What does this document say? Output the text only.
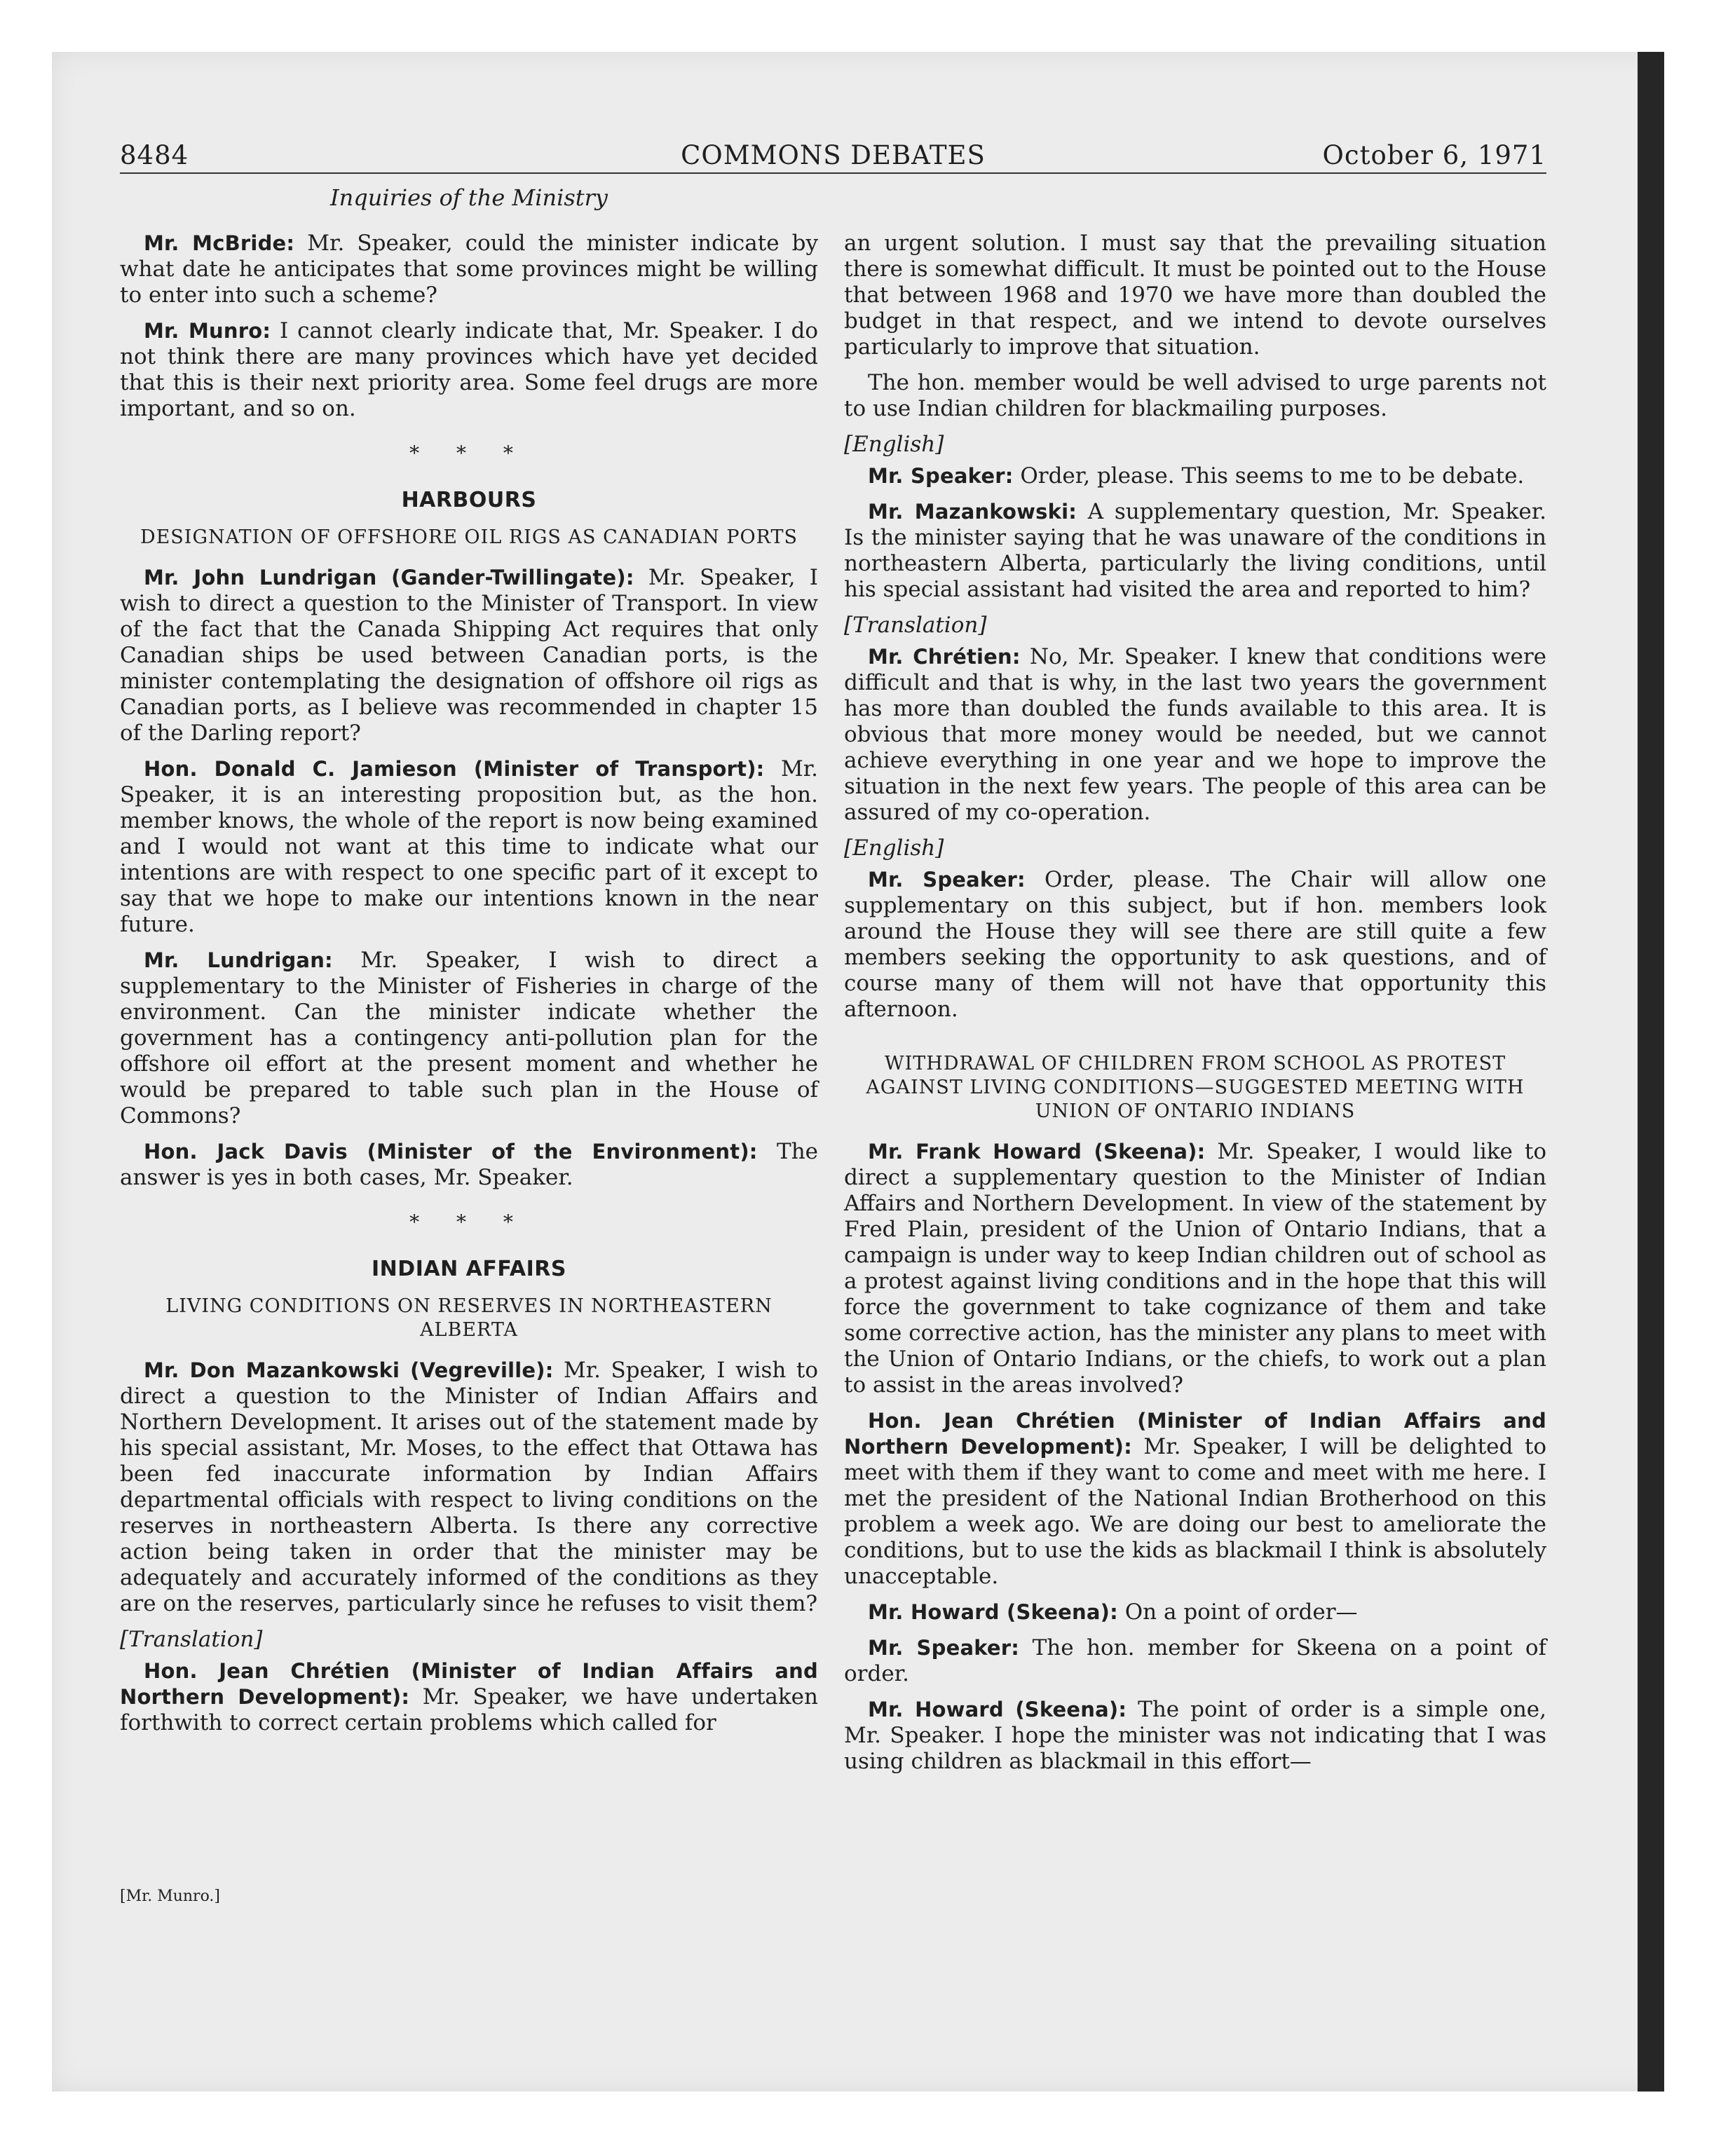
COMMONS DEBATES
8484	October 6, 1971
Inquiries of the Ministry

Mr. McBride: Mr. Speaker, could the minister indicate by what date he anticipates that some provinces might be willing to enter into such a scheme?

Mr. Munro: I cannot clearly indicate that, Mr. Speaker. I do not think there are many provinces which have yet decided that this is their next priority area. Some feel drugs are more important, and so on.

* * *
HARBOURS
DESIGNATION OF OFFSHORE OIL RIGS AS CANADIAN PORTS

Mr. John Lundrigan (Gander-Twillingate): Mr. Speaker, I wish to direct a question to the Minister of Transport. In view of the fact that the Canada Shipping Act requires that only Canadian ships be used between Canadian ports, is the minister contemplating the designation of offshore oil rigs as Canadian ports, as I believe was recommended in chapter 15 of the Darling report?

Hon. Donald C. Jamieson (Minister of Transport): Mr. Speaker, it is an interesting proposition but, as the hon. member knows, the whole of the report is now being examined and I would not want at this time to indicate what our intentions are with respect to one specific part of it except to say that we hope to make our intentions known in the near future.

Mr. Lundrigan: Mr. Speaker, I wish to direct a supplementary to the Minister of Fisheries in charge of the environment. Can the minister indicate whether the government has a contingency anti-pollution plan for the offshore oil effort at the present moment and whether he would be prepared to table such plan in the House of Commons?

Hon. Jack Davis (Minister of the Environment): The answer is yes in both cases, Mr. Speaker.

* * *
INDIAN AFFAIRS
LIVING CONDITIONS ON RESERVES IN NORTHEASTERN ALBERTA

Mr. Don Mazankowski (Vegreville): Mr. Speaker, I wish to direct a question to the Minister of Indian Affairs and Northern Development. It arises out of the statement made by his special assistant, Mr. Moses, to the effect that Ottawa has been fed inaccurate information by Indian Affairs departmental officials with respect to living conditions on the reserves in northeastern Alberta. Is there any corrective action being taken in order that the minister may be adequately and accurately informed of the conditions as they are on the reserves, particularly since he refuses to visit them?

[Translation]

Hon. Jean Chrétien (Minister of Indian Affairs and Northern Development): Mr. Speaker, we have undertaken forthwith to correct certain problems which called for

[Mr. Munro.]

an urgent solution. I must say that the prevailing situation there is somewhat difficult. It must be pointed out to the House that between 1968 and 1970 we have more than doubled the budget in that respect, and we intend to devote ourselves particularly to improve that situation.

The hon. member would be well advised to urge parents not to use Indian children for blackmailing purposes.

[English]

Mr. Speaker: Order, please. This seems to me to be debate.

Mr. Mazankowski: A supplementary question, Mr. Speaker. Is the minister saying that he was unaware of the conditions in northeastern Alberta, particularly the living conditions, until his special assistant had visited the area and reported to him?

[Translation]

Mr. Chrétien: No, Mr. Speaker. I knew that conditions were difficult and that is why, in the last two years the government has more than doubled the funds available to this area. It is obvious that more money would be needed, but we cannot achieve everything in one year and we hope to improve the situation in the next few years. The people of this area can be assured of my co-operation.

[English]

Mr. Speaker: Order, please. The Chair will allow one supplementary on this subject, but if hon. members look around the House they will see there are still quite a few members seeking the opportunity to ask questions, and of course many of them will not have that opportunity this afternoon.

WITHDRAWAL OF CHILDREN FROM SCHOOL AS PROTEST AGAINST LIVING CONDITIONS—SUGGESTED MEETING WITH UNION OF ONTARIO INDIANS

Mr. Frank Howard (Skeena): Mr. Speaker, I would like to direct a supplementary question to the Minister of Indian Affairs and Northern Development. In view of the statement by Fred Plain, president of the Union of Ontario Indians, that a campaign is under way to keep Indian children out of school as a protest against living conditions and in the hope that this will force the government to take cognizance of them and take some corrective action, has the minister any plans to meet with the Union of Ontario Indians, or the chiefs, to work out a plan to assist in the areas involved?

Hon. Jean Chrétien (Minister of Indian Affairs and Northern Development): Mr. Speaker, I will be delighted to meet with them if they want to come and meet with me here. I met the president of the National Indian Brotherhood on this problem a week ago. We are doing our best to ameliorate the conditions, but to use the kids as blackmail I think is absolutely unacceptable.

Mr. Howard (Skeena): On a point of order—

Mr. Speaker: The hon. member for Skeena on a point of order.

Mr. Howard (Skeena): The point of order is a simple one, Mr. Speaker. I hope the minister was not indicating that I was using children as blackmail in this effort—
